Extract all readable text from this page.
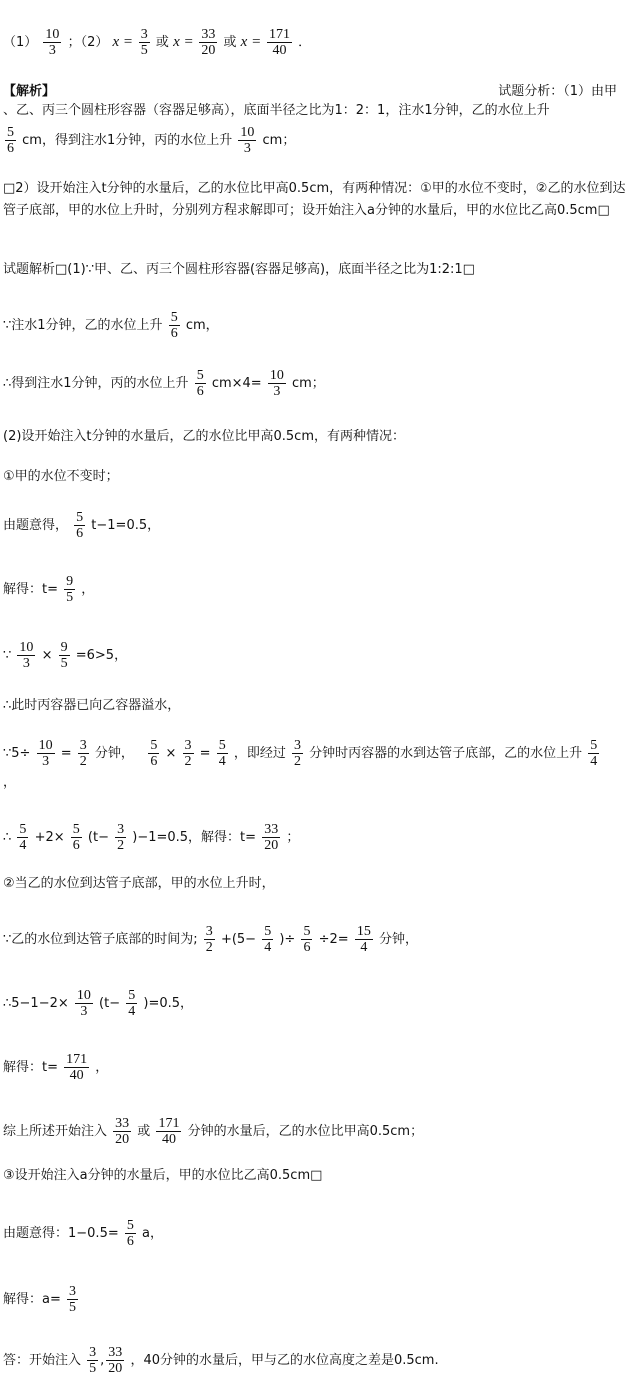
$(1) \frac{10}{3}$ ；（2） $x = \frac{3}{5}$ 或 $x = \frac{33}{20}$ 或 $x = \frac{171}{40}$ ．
【解析】	试题分析：（1）由甲
、乙、丙三个圆柱形容器（容器足够高），底面半径之比为1：2：1，注水1分钟，乙的水位上升
$\frac{5}{6}$ cm，得到注水1分钟，丙的水位上升 $\frac{10}{3}$ cm；
□2）设开始注入t分钟的水量后，乙的水位比甲高0.5cm，有两种情况：①甲的水位不变时，②乙的水位到达管子底部，甲的水位上升时，分别列方程求解即可；设开始注入a分钟的水量后，甲的水位比乙高0.5cm□
试题解析□(1)∵甲、乙、丙三个圆柱形容器(容器足够高)，底面半径之比为1:2:1□
∵注水1分钟，乙的水位上升 $\frac{5}{6}$ cm，
∴得到注水1分钟，丙的水位上升 $\frac{5}{6} cm\times 4= \frac{10}{3}$ cm；
(2)设开始注入t分钟的水量后，乙的水位比甲高0.5cm，有两种情况：
①甲的水位不变时；
由题意得， $\frac{5}{6} t-1=0.5$，
解得：$t= \frac{9}{5}$ ，
∵ $\frac{10}{3} \times \frac{9}{5} =6>5$，
∴此时丙容器已向乙容器溢水，
∵5÷ $\frac{10}{3} = \frac{3}{2}$ 分钟， $\frac{5}{6} \times \frac{3}{2} = \frac{5}{4}$ ，即经过 $\frac{3}{2}$ 分钟时丙容器的水到达管子底部，乙的水位上升 $\frac{5}{4}$
，
∴ $\frac{5}{4} +2\times \frac{5}{6} (t- \frac{3}{2} )-1=0.5$，解得：$t= \frac{33}{20}$ ；
②当乙的水位到达管子底部，甲的水位上升时，
∵乙的水位到达管子底部的时间为; $\frac{3}{2} +(5- \frac{5}{4}$ )÷ $\frac{5}{6} \div 2= \frac{15}{4}$ 分钟，
∴5−1−2× $\frac{10}{3} (t- \frac{5}{4} )=0.5$，
解得：$t= \frac{171}{40}$ ，
综上所述开始注入 $\frac{33}{20}$ 或 $\frac{171}{40}$ 分钟的水量后，乙的水位比甲高0.5cm；
③设开始注入a分钟的水量后，甲的水位比乙高0.5cm□
由题意得：$1-0.5= \frac{5}{6}$ a，
解得：$a= \frac{3}{5}$
答：开始注入 $\frac{3}{5}$ , $\frac{33}{20}$ ，40分钟的水量后，甲与乙的水位高度之差是0.5cm.
